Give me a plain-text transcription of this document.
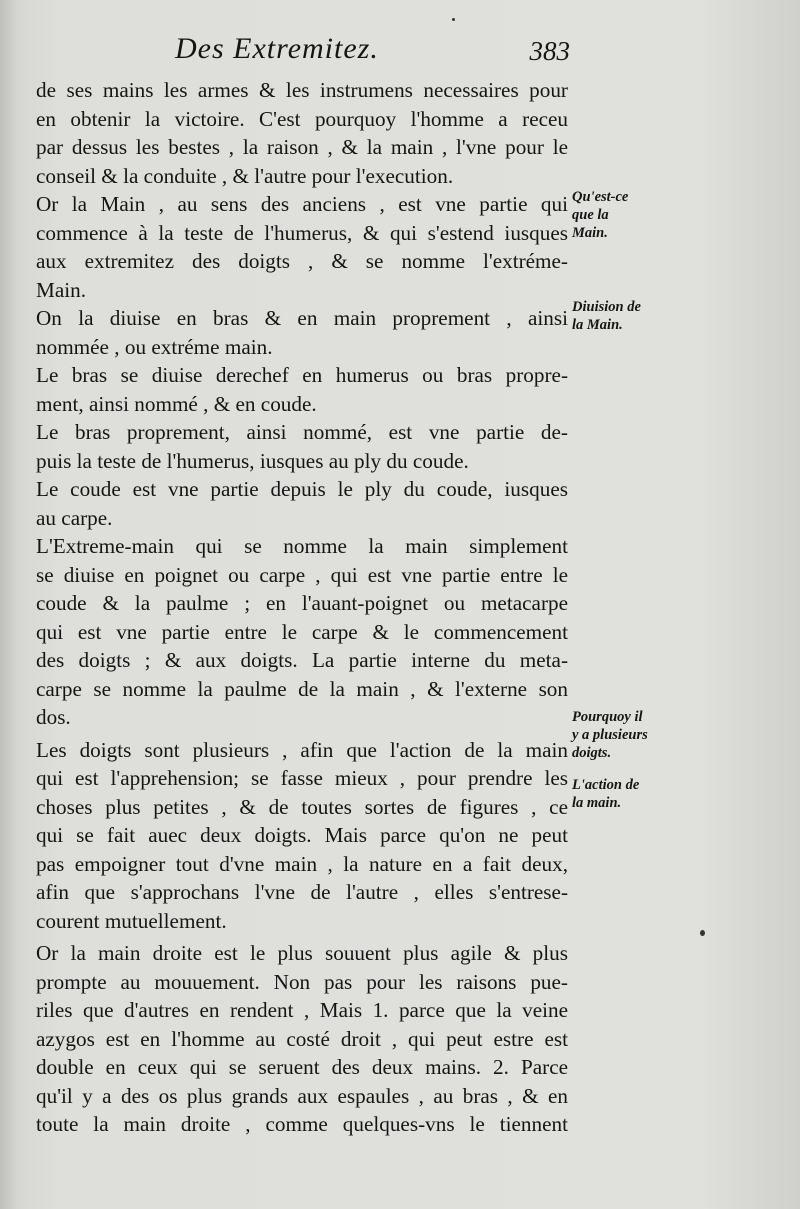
Des Extremitez.	383
de ses mains les armes & les instrumens necessaires pour
en obtenir la victoire. C'est pourquoy l'homme a receu
par dessus les bestes , la raison , & la main , l'vne pour le
conseil & la conduite , & l'autre pour l'execution.
Or la Main , au sens des anciens , est vne partie qui
commence à la teste de l'humerus, & qui s'estend iusques
aux extremitez des doigts , & se nomme l'extréme-
Main.
On la diuise en bras & en main proprement , ainsi
nommée , ou extréme main.
Le bras se diuise derechef en humerus ou bras propre-
ment, ainsi nommé , & en coude.
Le bras proprement, ainsi nommé, est vne partie de-
puis la teste de l'humerus, iusques au ply du coude.
Le coude est vne partie depuis le ply du coude, iusques
au carpe.
L'Extreme-main qui se nomme la main simplement
se diuise en poignet ou carpe , qui est vne partie entre le
coude & la paulme ; en l'auant-poignet ou metacarpe
qui est vne partie entre le carpe & le commencement
des doigts ; & aux doigts. La partie interne du meta-
carpe se nomme la paulme de la main , & l'externe son
dos.
Les doigts sont plusieurs , afin que l'action de la main
qui est l'apprehension; se fasse mieux , pour prendre les
choses plus petites , & de toutes sortes de figures , ce
qui se fait auec deux doigts. Mais parce qu'on ne peut
pas empoigner tout d'vne main , la nature en a fait deux,
afin que s'approchans l'vne de l'autre , elles s'entrese-
courent mutuellement.
Or la main droite est le plus souuent plus agile & plus
prompte au mouuement. Non pas pour les raisons pue-
riles que d'autres en rendent , Mais 1. parce que la veine
azygos est en l'homme au costé droit , qui peut estre est
double en ceux qui se seruent des deux mains. 2. Parce
qu'il y a des os plus grands aux espaules , au bras , & en
toute la main droite , comme quelques-vns le tiennent
Qu'est-ce
que la
Main.
Diuision de
la Main.
Pourquoy il
y a plusieurs
doigts.
L'action de
la main.
